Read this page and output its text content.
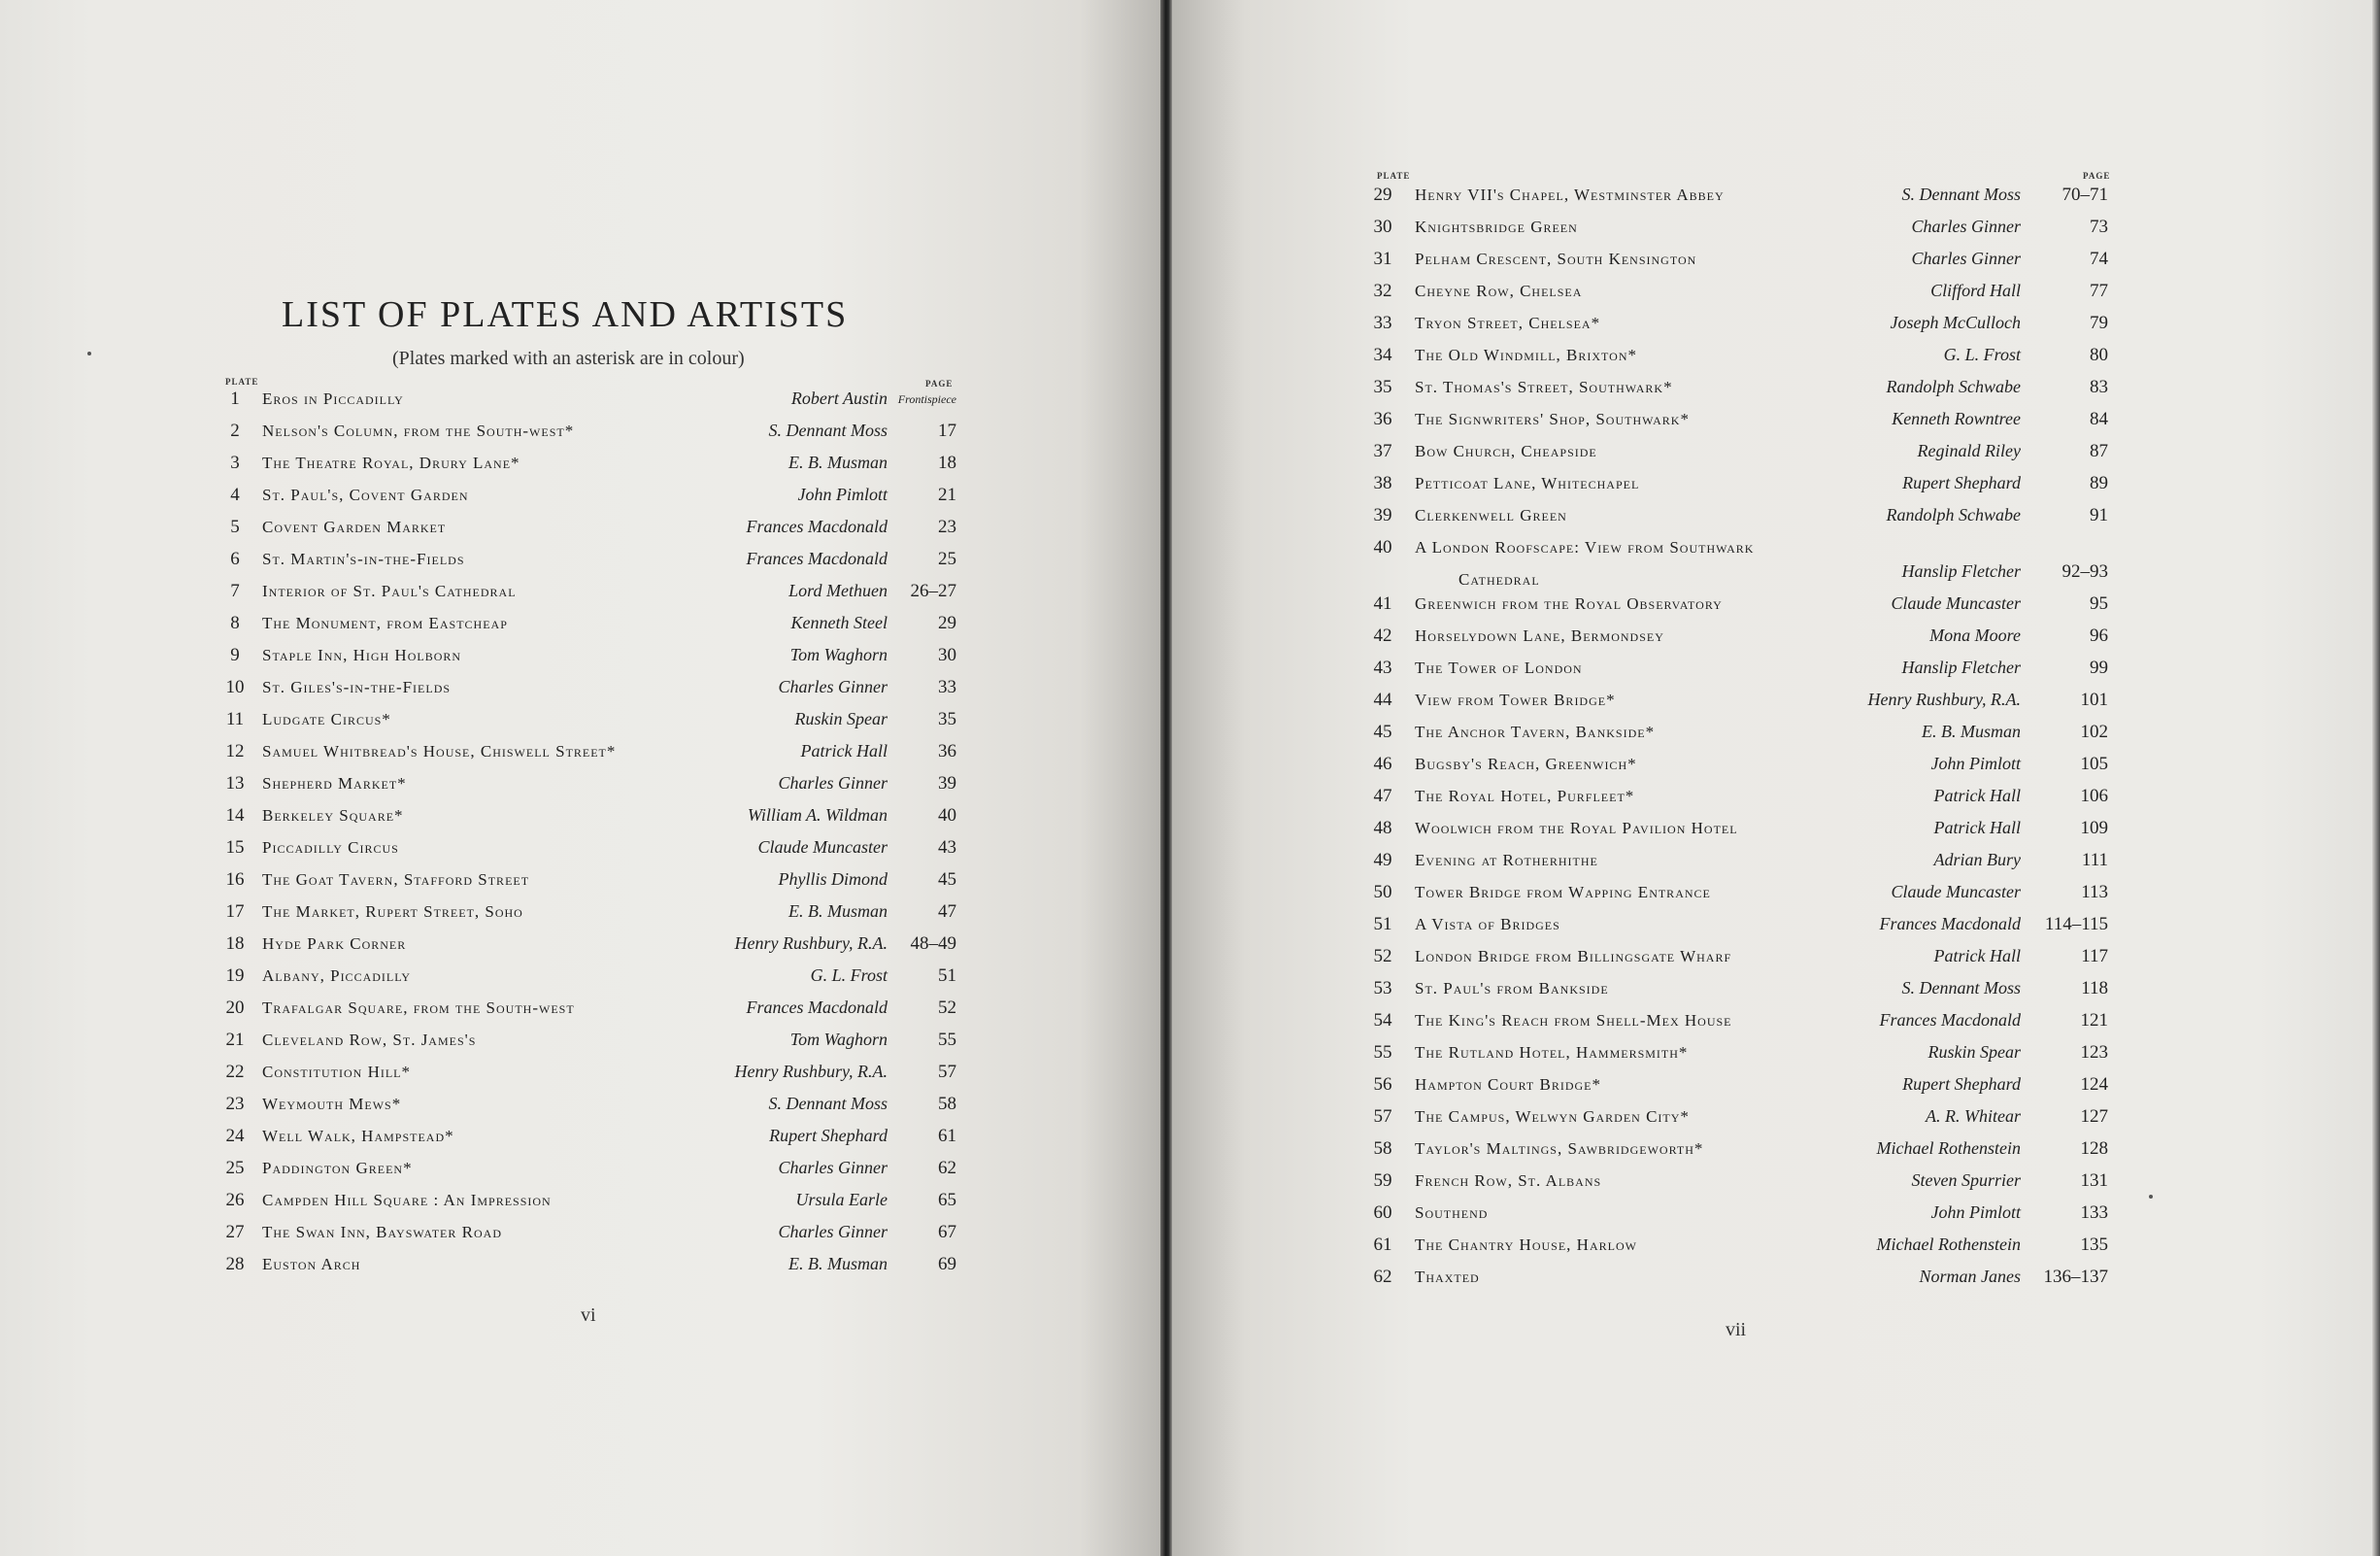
LIST OF PLATES AND ARTISTS
(Plates marked with an asterisk are in colour)
PLATE	PAGE
PLATE	PAGE
1	Eros in Piccadilly	Robert Austin Frontispiece
2	Nelson's Column, from the South-west*	S. Dennant Moss	17
3	The Theatre Royal, Drury Lane*	E. B. Musman	18
4	St. Paul's, Covent Garden	John Pimlott	21
5	Covent Garden Market	Frances Macdonald	23
6	St. Martin's-in-the-Fields	Frances Macdonald	25
7	Interior of St. Paul's Cathedral	Lord Methuen 26–27
8	The Monument, from Eastcheap	Kenneth Steel	29
9	Staple Inn, High Holborn	Tom Waghorn	30
10	St. Giles's-in-the-Fields	Charles Ginner	33
11	Ludgate Circus*	Ruskin Spear	35
12	Samuel Whitbread's House, Chiswell Street*	Patrick Hall	36
13	Shepherd Market*	Charles Ginner	39
14	Berkeley Square*	William A. Wildman	40
15	Piccadilly Circus	Claude Muncaster	43
16	The Goat Tavern, Stafford Street	Phyllis Dimond	45
17	The Market, Rupert Street, Soho	E. B. Musman	47
18	Hyde Park Corner	Henry Rushbury, R.A. 48–49
19	Albany, Piccadilly	G. L. Frost	51
20	Trafalgar Square, from the South-west	Frances Macdonald	52
21	Cleveland Row, St. James's	Tom Waghorn	55
22	Constitution Hill*	Henry Rushbury, R.A.	57
23	Weymouth Mews*	S. Dennant Moss	58
24	Well Walk, Hampstead*	Rupert Shephard	61
25	Paddington Green*	Charles Ginner	62
26	Campden Hill Square : An Impression	Ursula Earle	65
27	The Swan Inn, Bayswater Road	Charles Ginner	67
28	Euston Arch	E. B. Musman	69
29	Henry VII's Chapel, Westminster Abbey	S. Dennant Moss 70–71
30	Knightsbridge Green	Charles Ginner	73
31	Pelham Crescent, South Kensington	Charles Ginner	74
32	Cheyne Row, Chelsea	Clifford Hall	77
33	Tryon Street, Chelsea*	Joseph McCulloch	79
34	The Old Windmill, Brixton*	G. L. Frost	80
35	St. Thomas's Street, Southwark*	Randolph Schwabe	83
36	The Signwriters' Shop, Southwark*	Kenneth Rowntree	84
37	Bow Church, Cheapside	Reginald Riley	87
38	Petticoat Lane, Whitechapel	Rupert Shephard	89
39	Clerkenwell Green	Randolph Schwabe	91
40	A London Roofscape: View from Southwark
Cathedral	Hanslip Fletcher 92–93
41	Greenwich from the Royal Observatory	Claude Muncaster	95
42	Horselydown Lane, Bermondsey	Mona Moore	96
43	The Tower of London	Hanslip Fletcher	99
44	View from Tower Bridge*	Henry Rushbury, R.A.	101
45	The Anchor Tavern, Bankside*	E. B. Musman	102
46	Bugsby's Reach, Greenwich*	John Pimlott	105
47	The Royal Hotel, Purfleet*	Patrick Hall	106
48	Woolwich from the Royal Pavilion Hotel	Patrick Hall	109
49	Evening at Rotherhithe	Adrian Bury	111
50	Tower Bridge from Wapping Entrance	Claude Muncaster	113
51	A Vista of Bridges	Frances Macdonald 114–115
52	London Bridge from Billingsgate Wharf	Patrick Hall	117
53	St. Paul's from Bankside	S. Dennant Moss	118
54	The King's Reach from Shell-Mex House	Frances Macdonald	121
55	The Rutland Hotel, Hammersmith*	Ruskin Spear	123
56	Hampton Court Bridge*	Rupert Shephard	124
57	The Campus, Welwyn Garden City*	A. R. Whitear	127
58	Taylor's Maltings, Sawbridgeworth*	Michael Rothenstein	128
59	French Row, St. Albans	Steven Spurrier	131
60	Southend	John Pimlott	133
61	The Chantry House, Harlow	Michael Rothenstein	135
62	Thaxted	Norman Janes 136–137
vi
vii
